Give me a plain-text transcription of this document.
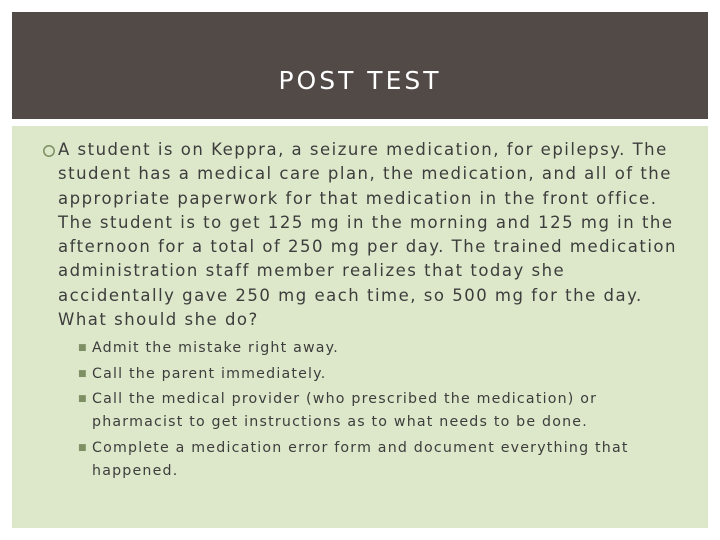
POST TEST
A student is on Keppra, a seizure medication, for epilepsy. The student has a medical care plan, the medication, and all of the appropriate paperwork for that medication in the front office. The student is to get 125 mg in the morning and 125 mg in the afternoon for a total of 250 mg per day. The trained medication administration staff member realizes that today she accidentally gave 250 mg each time, so 500 mg for the day. What should she do?
■ Admit the mistake right away.
■ Call the parent immediately.
■ Call the medical provider (who prescribed the medication) or pharmacist to get instructions as to what needs to be done.
■ Complete a medication error form and document everything that happened.
